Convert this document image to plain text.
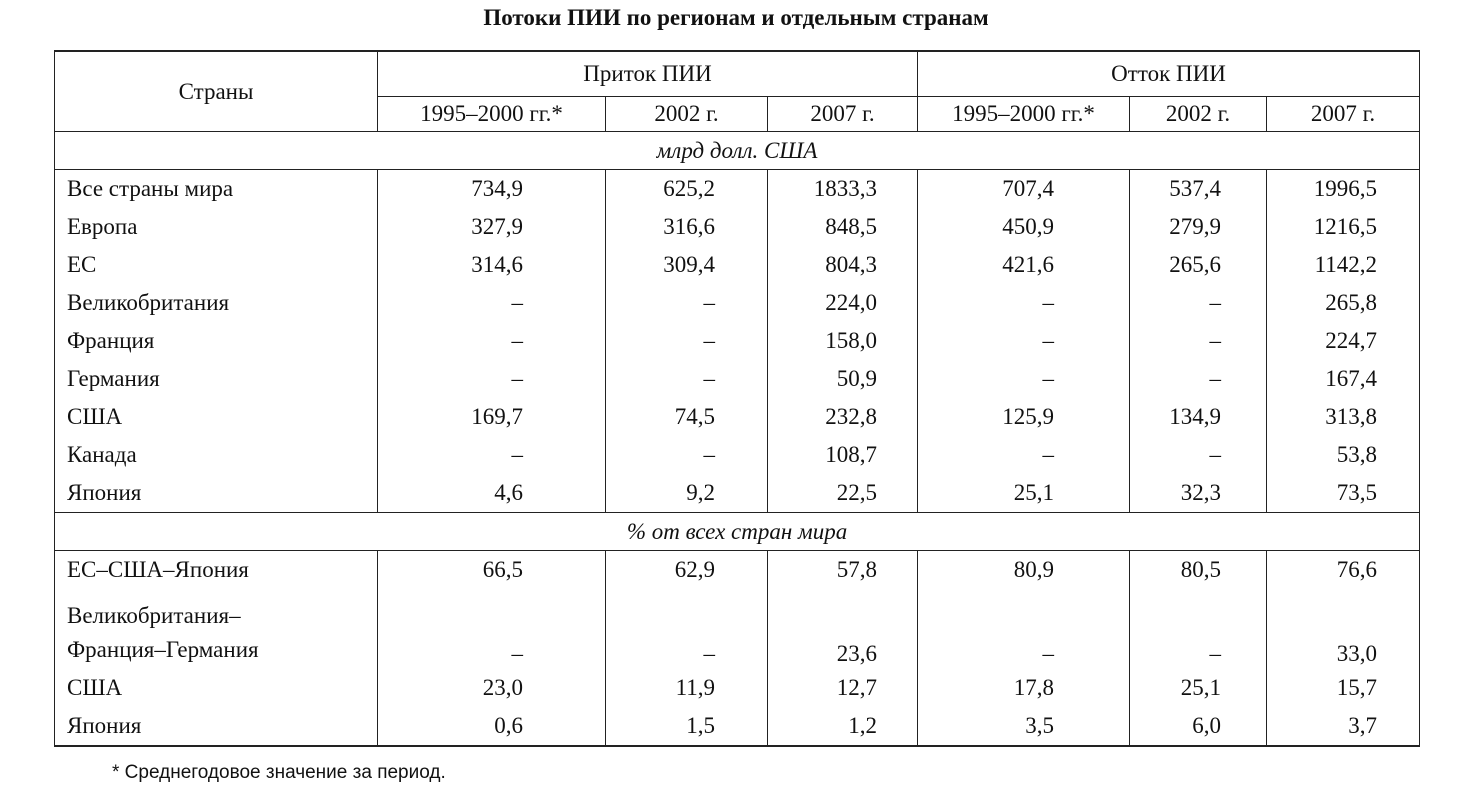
Потоки ПИИ по регионам и отдельным странам
Страны	Приток ПИИ			Отток ПИИ		
	1995–2000 гг.*	2002 г.	2007 г.	1995–2000 гг.*	2002 г.	2007 г.
млрд долл. США						
Все страны мира	734,9	625,2	1833,3	707,4	537,4	1996,5
Европа	327,9	316,6	848,5	450,9	279,9	1216,5
ЕС	314,6	309,4	804,3	421,6	265,6	1142,2
Великобритания	–	–	224,0	–	–	265,8
Франция	–	–	158,0	–	–	224,7
Германия	–	–	50,9	–	–	167,4
США	169,7	74,5	232,8	125,9	134,9	313,8
Канада	–	–	108,7	–	–	53,8
Япония	4,6	9,2	22,5	25,1	32,3	73,5
% от всех стран мира						
ЕС–США–Япония	66,5	62,9	57,8	80,9	80,5	76,6

Великобритания–
Франция–Германия	–	–	23,6	–	–	33,0
США	23,0	11,9	12,7	17,8	25,1	15,7
Япония	0,6	1,5	1,2	3,5	6,0	3,7
* Среднегодовое значение за период.
